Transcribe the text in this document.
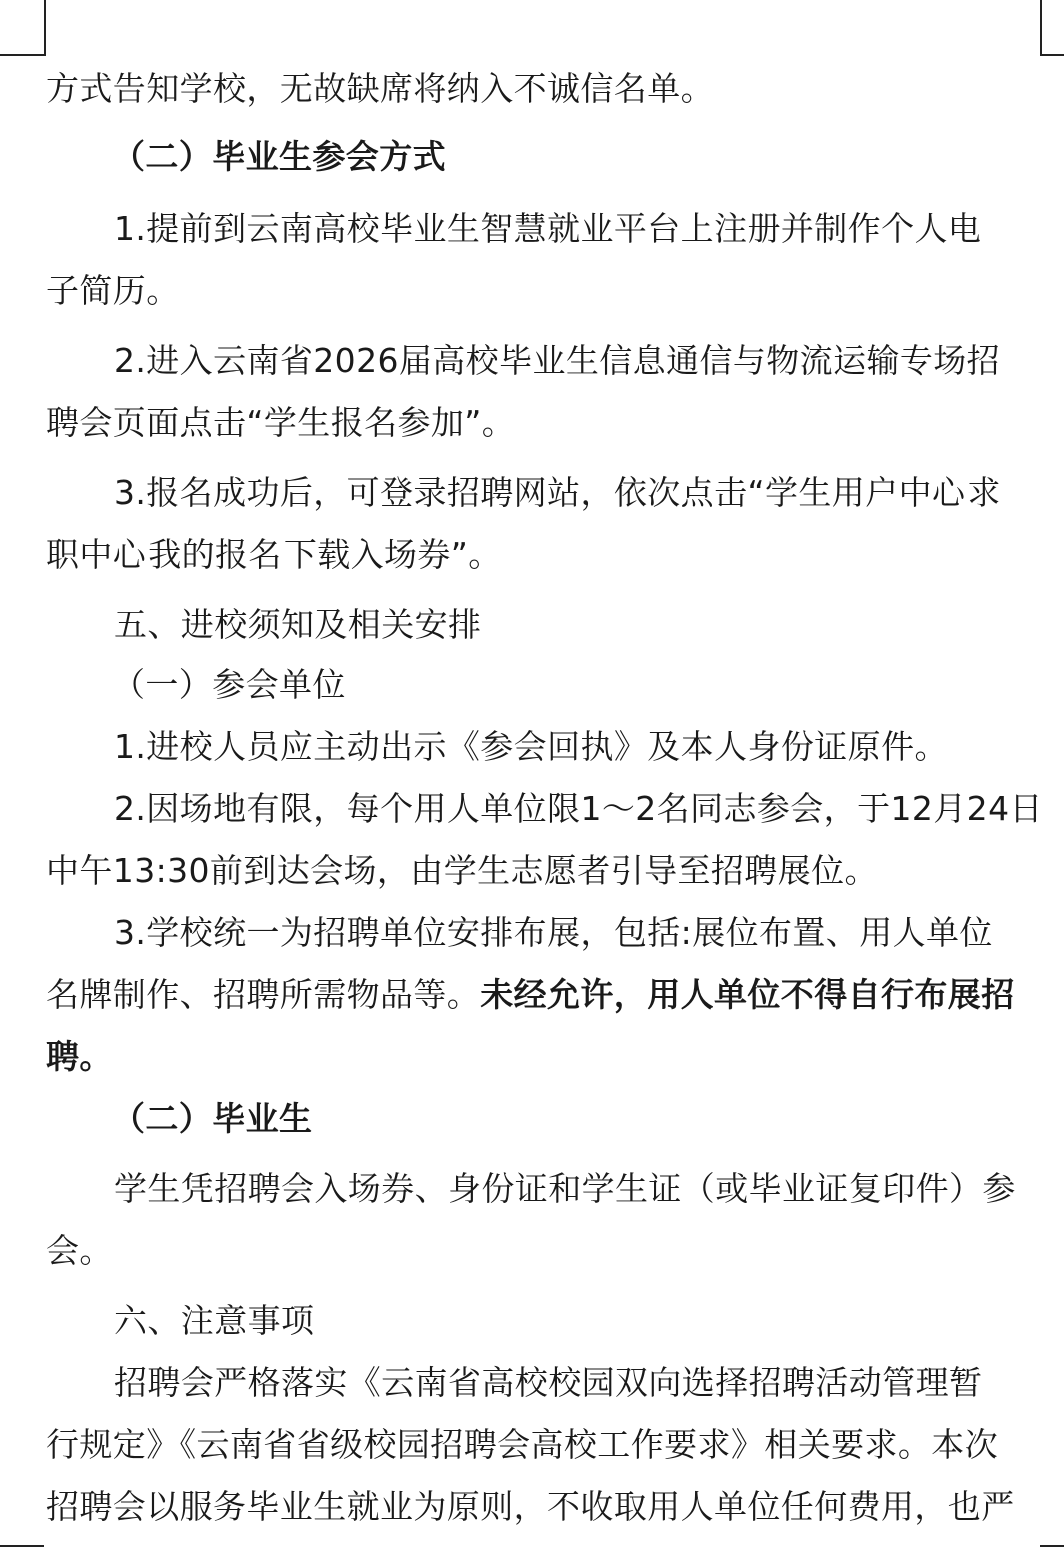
方式告知学校，无故缺席将纳入不诚信名单。
（二）毕业生参会方式
1.提前到云南高校毕业生智慧就业平台上注册并制作个人电
子简历。
2.进入云南省2026届高校毕业生信息通信与物流运输专场招
聘会页面点击“学生报名参加”。
3.报名成功后，可登录招聘网站，依次点击“学生用户中心求
职中心我的报名下载入场券”。
五、进校须知及相关安排
（一）参会单位
1.进校人员应主动出示《参会回执》及本人身份证原件。
2.因场地有限，每个用人单位限1～2名同志参会，于12月24日
中午13:30前到达会场，由学生志愿者引导至招聘展位。
3.学校统一为招聘单位安排布展，包括:展位布置、用人单位
名牌制作、招聘所需物品等。未经允许，用人单位不得自行布展招
聘。
（二）毕业生
学生凭招聘会入场券、身份证和学生证（或毕业证复印件）参
会。
六、注意事项
招聘会严格落实《云南省高校校园双向选择招聘活动管理暂
行规定》《云南省省级校园招聘会高校工作要求》相关要求。本次
招聘会以服务毕业生就业为原则，不收取用人单位任何费用，也严
